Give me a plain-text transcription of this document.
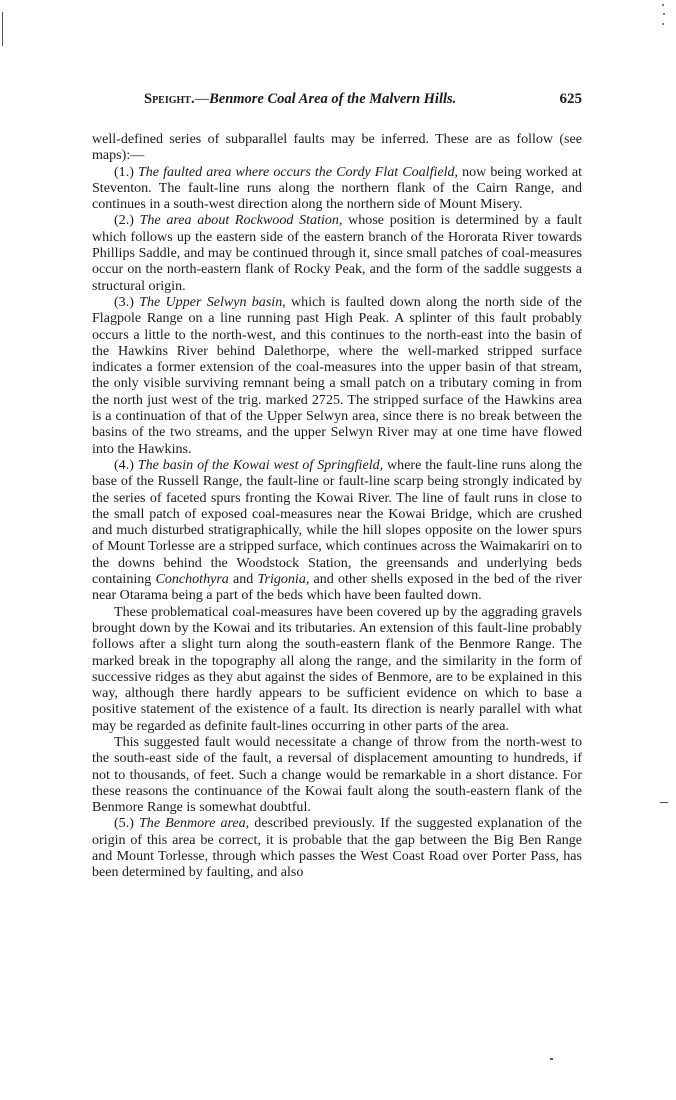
Speight.—Benmore Coal Area of the Malvern Hills.	625

well-defined series of subparallel faults may be inferred. These are as follow (see maps):—

(1.) The faulted area where occurs the Cordy Flat Coalfield, now being worked at Steventon. The fault-line runs along the northern flank of the Cairn Range, and continues in a south-west direction along the northern side of Mount Misery.

(2.) The area about Rockwood Station, whose position is determined by a fault which follows up the eastern side of the eastern branch of the Hororata River towards Phillips Saddle, and may be continued through it, since small patches of coal-measures occur on the north-eastern flank of Rocky Peak, and the form of the saddle suggests a structural origin.

(3.) The Upper Selwyn basin, which is faulted down along the north side of the Flagpole Range on a line running past High Peak. A splinter of this fault probably occurs a little to the north-west, and this continues to the north-east into the basin of the Hawkins River behind Dalethorpe, where the well-marked stripped surface indicates a former extension of the coal-measures into the upper basin of that stream, the only visible surviving remnant being a small patch on a tributary coming in from the north just west of the trig. marked 2725. The stripped surface of the Hawkins area is a continuation of that of the Upper Selwyn area, since there is no break between the basins of the two streams, and the upper Selwyn River may at one time have flowed into the Hawkins.

(4.) The basin of the Kowai west of Springfield, where the fault-line runs along the base of the Russell Range, the fault-line or fault-line scarp being strongly indicated by the series of faceted spurs fronting the Kowai River. The line of fault runs in close to the small patch of exposed coal-measures near the Kowai Bridge, which are crushed and much disturbed stratigraphically, while the hill slopes opposite on the lower spurs of Mount Torlesse are a stripped surface, which continues across the Waimakariri on to the downs behind the Woodstock Station, the greensands and underlying beds containing Conchothyra and Trigonia, and other shells exposed in the bed of the river near Otarama being a part of the beds which have been faulted down.

These problematical coal-measures have been covered up by the aggrading gravels brought down by the Kowai and its tributaries. An extension of this fault-line probably follows after a slight turn along the south-eastern flank of the Benmore Range. The marked break in the topography all along the range, and the similarity in the form of successive ridges as they abut against the sides of Benmore, are to be explained in this way, although there hardly appears to be sufficient evidence on which to base a positive statement of the existence of a fault. Its direction is nearly parallel with what may be regarded as definite fault-lines occurring in other parts of the area.

This suggested fault would necessitate a change of throw from the north-west to the south-east side of the fault, a reversal of displacement amounting to hundreds, if not to thousands, of feet. Such a change would be remarkable in a short distance. For these reasons the continuance of the Kowai fault along the south-eastern flank of the Benmore Range is somewhat doubtful.

(5.) The Benmore area, described previously. If the suggested explanation of the origin of this area be correct, it is probable that the gap between the Big Ben Range and Mount Torlesse, through which passes the West Coast Road over Porter Pass, has been determined by faulting, and also
